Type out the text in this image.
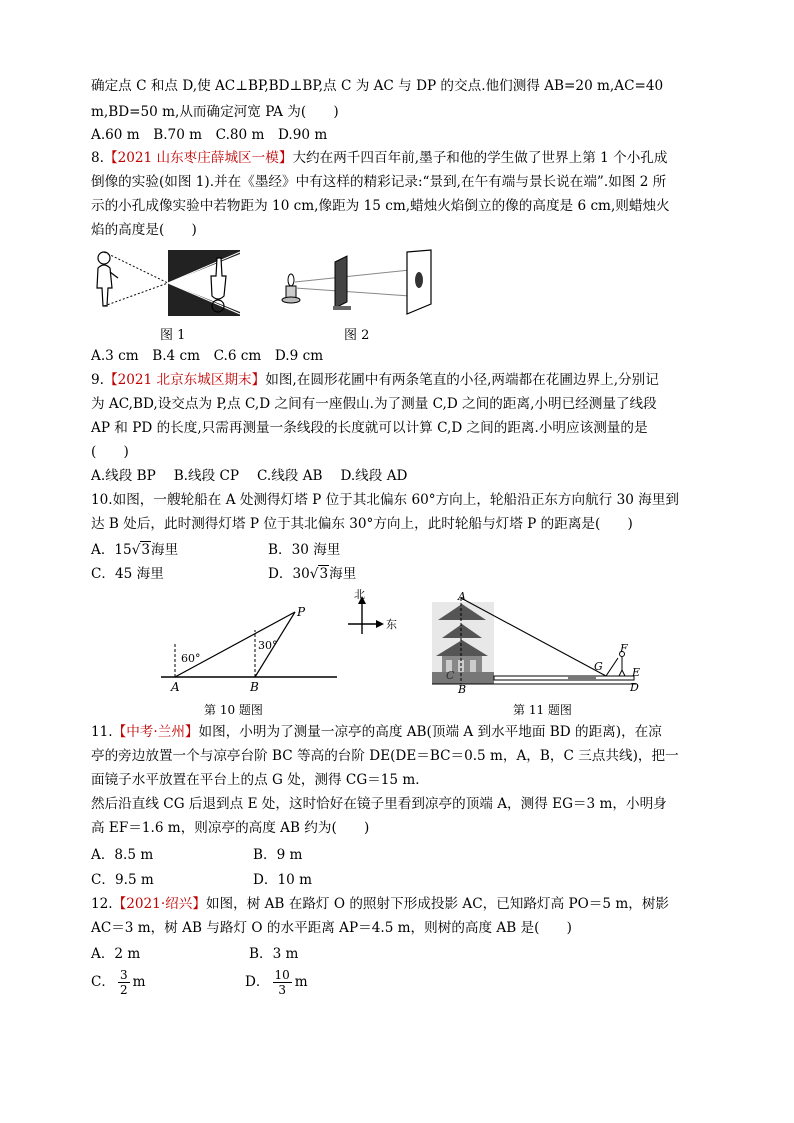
确定点 C 和点 D,使 AC⊥BP,BD⊥BP,点 C 为 AC 与 DP 的交点.他们测得 AB=20 m,AC=40
m,BD=50 m,从而确定河宽 PA 为(　　)
A.60 m　B.70 m　C.80 m　D.90 m
8.【2021 山东枣庄薛城区一模】大约在两千四百年前,墨子和他的学生做了世界上第 1 个小孔成
倒像的实验(如图 1).并在《墨经》中有这样的精彩记录:“景到,在午有端与景长说在端”.如图 2 所
示的小孔成像实验中若物距为 10 cm,像距为 15 cm,蜡烛火焰倒立的像的高度是 6 cm,则蜡烛火
焰的高度是(　　)
图 1	图 2
A.3 cm　B.4 cm　C.6 cm　D.9 cm
9.【2021 北京东城区期末】如图,在圆形花圃中有两条笔直的小径,两端都在花圃边界上,分别记
为 AC,BD,设交点为 P,点 C,D 之间有一座假山.为了测量 C,D 之间的距离,小明已经测量了线段
AP 和 PD 的长度,只需再测量一条线段的长度就可以计算 C,D 之间的距离.小明应该测量的是
(　　)
A.线段 BP　 B.线段 CP　 C.线段 AB　 D.线段 AD
10.如图，一艘轮船在 A 处测得灯塔 P 位于其北偏东 60°方向上，轮船沿正东方向航行 30 海里到
达 B 处后，此时测得灯塔 P 位于其北偏东 30°方向上，此时轮船与灯塔 P 的距离是(　　)
A．15√3海里	B．30 海里
C．45 海里	D．30√3海里
60°
30°
P
A	B
第 10 题图
北
东
A
C
B
G
F
E
D
第 11 题图
11.【中考·兰州】如图，小明为了测量一凉亭的高度 AB(顶端 A 到水平地面 BD 的距离)，在凉
亭的旁边放置一个与凉亭台阶 BC 等高的台阶 DE(DE＝BC＝0.5 m，A，B，C 三点共线)，把一
面镜子水平放置在平台上的点 G 处，测得 CG＝15 m．
然后沿直线 CG 后退到点 E 处，这时恰好在镜子里看到凉亭的顶端 A，测得 EG＝3 m，小明身
高 EF＝1.6 m，则凉亭的高度 AB 约为(　　)
A．8.5 m	B．9 m
C．9.5 m	D．10 m
12.【2021·绍兴】如图，树 AB 在路灯 O 的照射下形成投影 AC，已知路灯高 PO＝5 m，树影
AC＝3 m，树 AB 与路灯 O 的水平距离 AP＝4.5 m，则树的高度 AB 是(　　)
A．2 m	B．3 m
C． $\frac{3}{2}$ m	D． $\frac{10}{3}$ m
